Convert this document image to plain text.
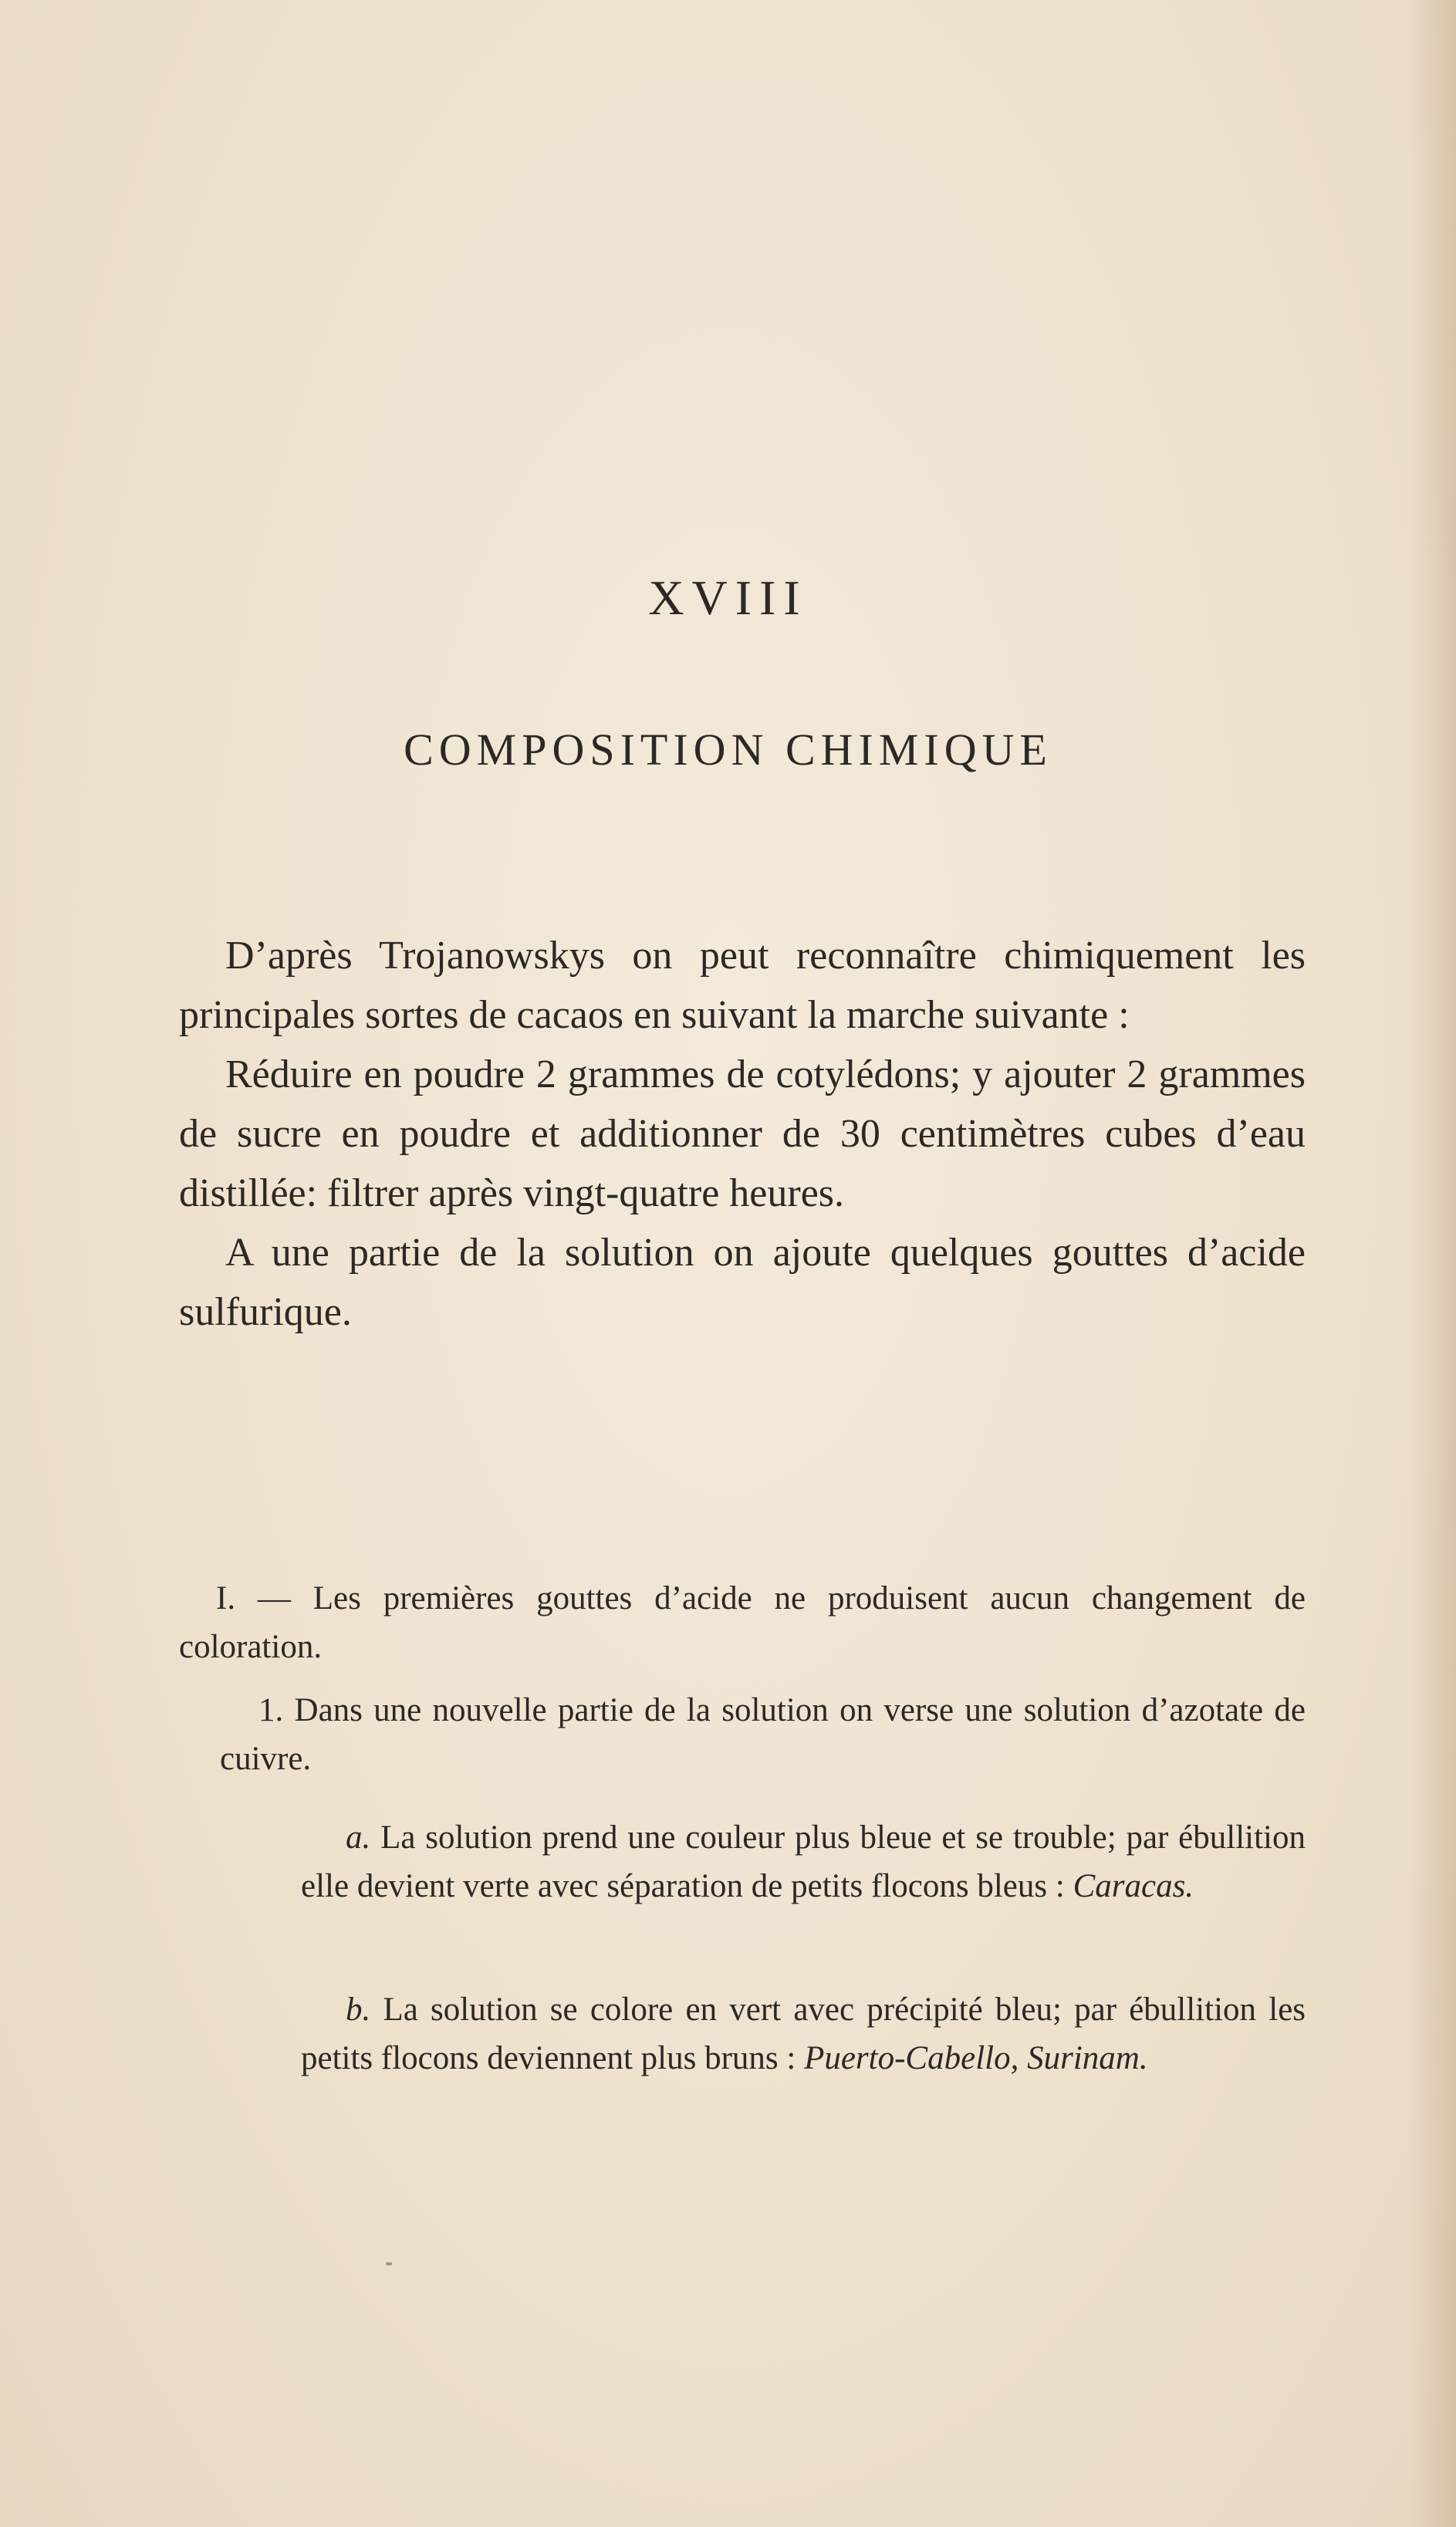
XVIII
COMPOSITION CHIMIQUE

D’après Trojanowskys on peut reconnaître chimiquement les principales sortes de cacaos en suivant la marche suivante :

Réduire en poudre 2 grammes de cotylédons; y ajouter 2 grammes de sucre en poudre et additionner de 30 centimètres cubes d’eau distillée: filtrer après vingt-quatre heures.

A une partie de la solution on ajoute quelques gouttes d’acide sulfurique.

I. — Les premières gouttes d’acide ne produisent aucun changement de coloration.

1. Dans une nouvelle partie de la solution on verse une solution d’azotate de cuivre.

a. La solution prend une couleur plus bleue et se trouble; par ébullition elle devient verte avec séparation de petits flocons bleus : Caracas.

b. La solution se colore en vert avec précipité bleu; par ébullition les petits flocons deviennent plus bruns : Puerto-Cabello, Surinam.
